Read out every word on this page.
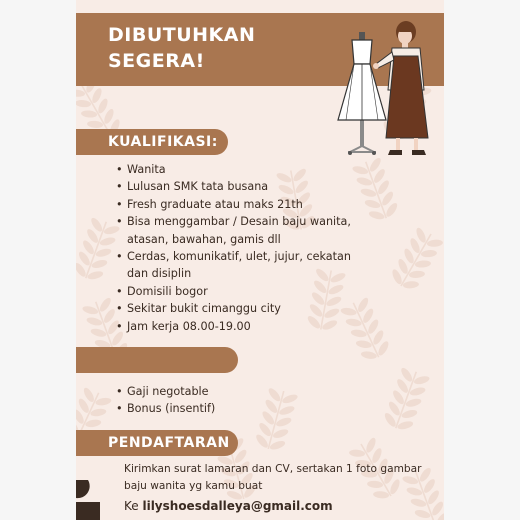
DIBUTUHKAN
SEGERA!
KUALIFIKASI:
• Wanita
• Lulusan SMK tata busana
• Fresh graduate atau maks 21th
• Bisa menggambar / Desain baju wanita, atasan, bawahan, gamis dll
• Cerdas, komunikatif, ulet, jujur, cekatan dan disiplin
• Domisili bogor
• Sekitar bukit cimanggu city
• Jam kerja 08.00-19.00
• Gaji negotable
• Bonus (insentif)
PENDAFTARAN

Kirimkan surat lamaran dan CV, sertakan 1 foto gambar baju wanita yg kamu buat

Ke lilyshoesdalleya@gmail.com
